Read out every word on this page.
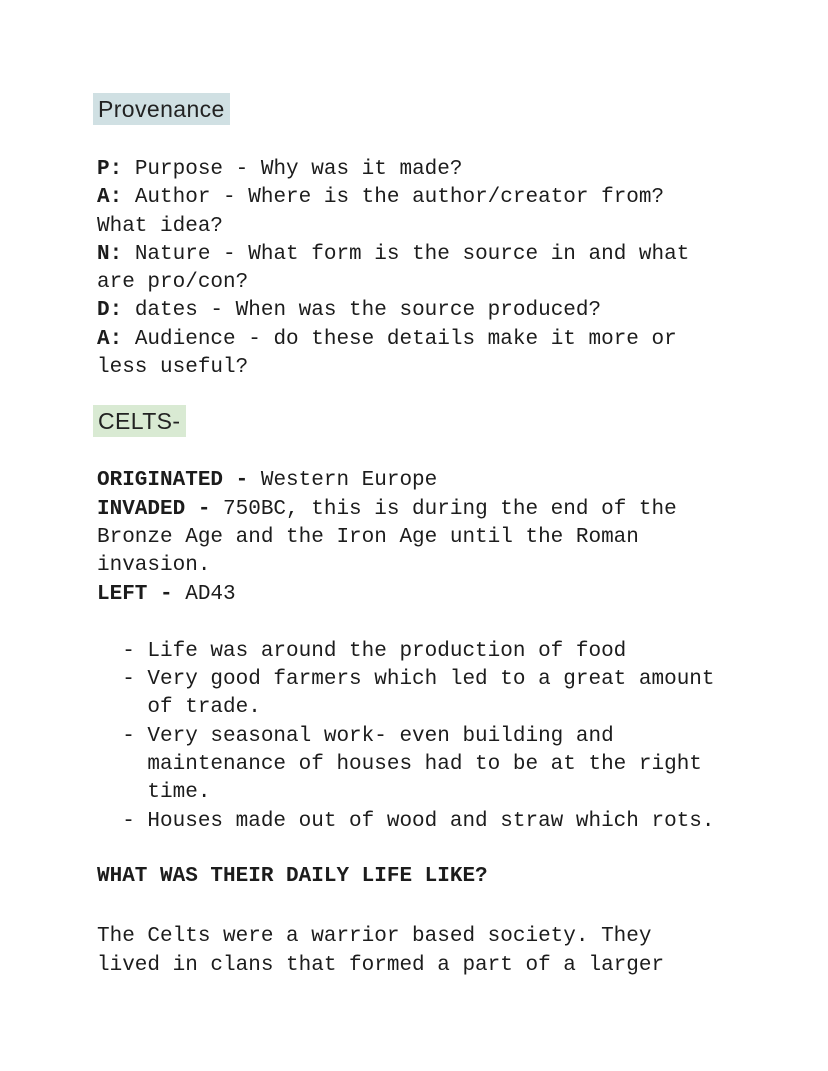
Provenance
P: Purpose - Why was it made?
A: Author - Where is the author/creator from?
What idea?
N: Nature - What form is the source in and what
are pro/con?
D: dates - When was the source produced?
A: Audience - do these details make it more or
less useful?
CELTS-
ORIGINATED - Western Europe
INVADED - 750BC, this is during the end of the
Bronze Age and the Iron Age until the Roman
invasion.
LEFT - AD43
- Life was around the production of food
- Very good farmers which led to a great amount
of trade.
- Very seasonal work- even building and
maintenance of houses had to be at the right
time.
- Houses made out of wood and straw which rots.
WHAT WAS THEIR DAILY LIFE LIKE?
The Celts were a warrior based society. They
lived in clans that formed a part of a larger
